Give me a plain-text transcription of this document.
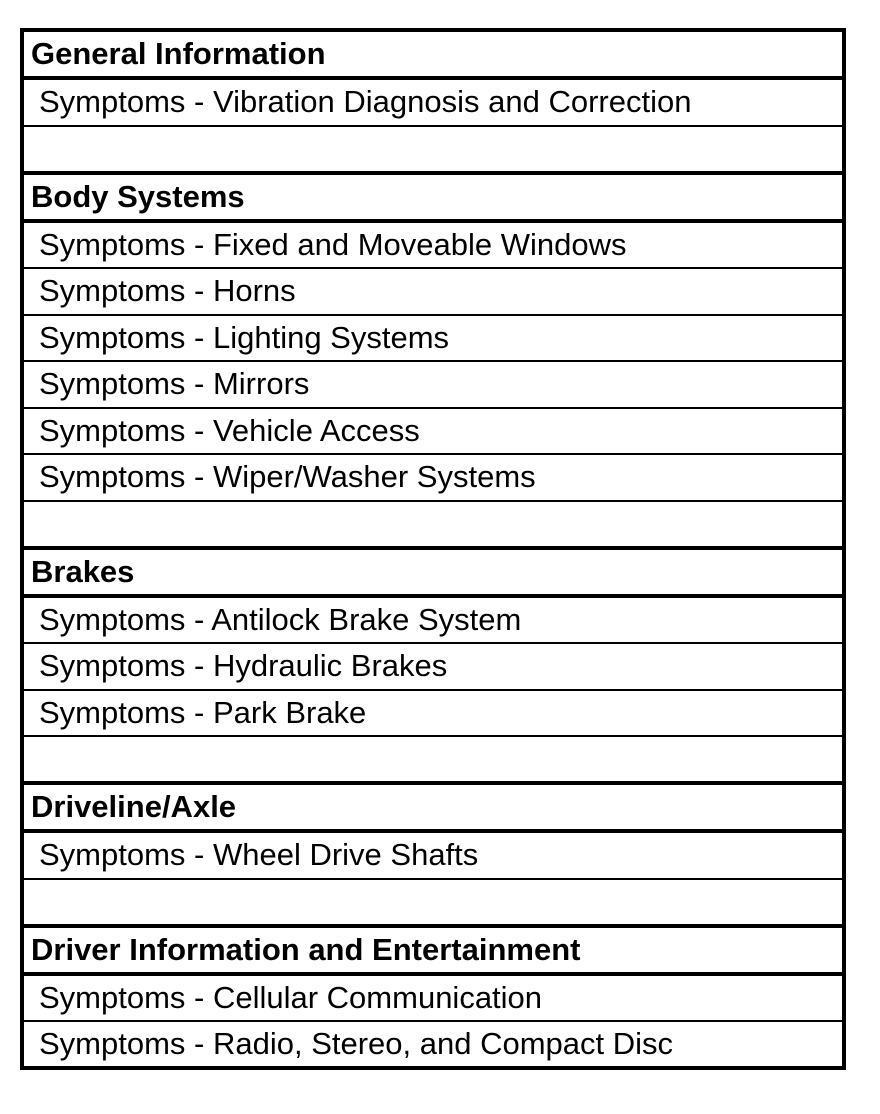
General Information
Symptoms - Vibration Diagnosis and Correction
Body Systems
Symptoms - Fixed and Moveable Windows
Symptoms - Horns
Symptoms - Lighting Systems
Symptoms - Mirrors
Symptoms - Vehicle Access
Symptoms - Wiper/Washer Systems
Brakes
Symptoms - Antilock Brake System
Symptoms - Hydraulic Brakes
Symptoms - Park Brake
Driveline/Axle
Symptoms - Wheel Drive Shafts
Driver Information and Entertainment
Symptoms - Cellular Communication
Symptoms - Radio, Stereo, and Compact Disc
